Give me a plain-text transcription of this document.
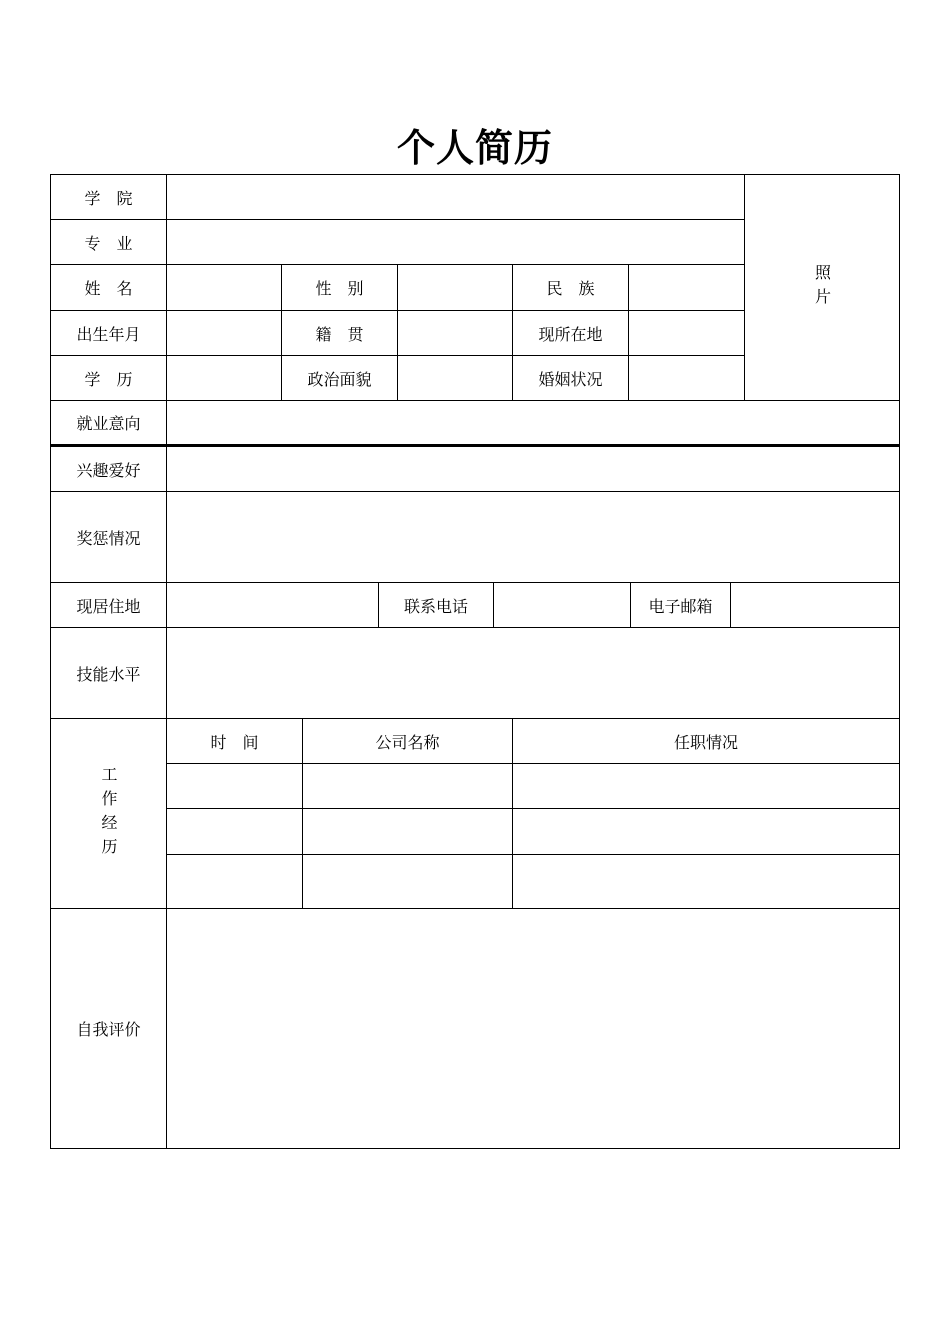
个人简历
学　院
照片
专　业
姓　名	性　别	民　族
出生年月	籍　贯	现所在地
学　历	政治面貌	婚姻状况
就业意向
兴趣爱好
奖惩情况
现居住地	联系电话	电子邮箱
技能水平
工作经历
时　间	公司名称	任职情况
自我评价
